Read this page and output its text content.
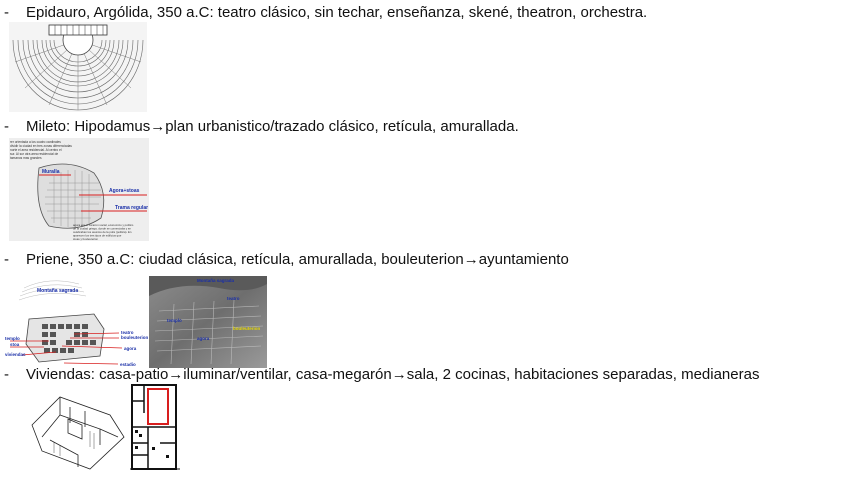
- Epidauro, Argólida, 350 a.C: teatro clásico, sin techar, enseñanza, skené, theatron, orchestra.
- Mileto: Hipodamus→plan urbanistico/trazado clásico, retícula, amurallada.
rer orientada a los cuatro cardinales
dividir la ciudad en tres zonas diferenciadas
norte el area residencial. Al centro el
sur. Al sur otra area residencial de
tamanos mas grandes
Muralla
Agora+stoas
Trama regular
agora era el corazon social, economico y politico
de la ciudad griega, donde se comerciaba y se
celebraban los asuntos de la polis (politica). En
aparecen los tres tipos de edificios que
stoas y bouleuterion
- Priene, 350 a.C: ciudad clásica, retícula, amurallada, bouleuterion→ayuntamiento
Montaña sagrada
teatro
bouleuterion
agora
templo
stoa
viviendas
estadio
Montaña sagrada
teatro
templo
bouleuterion
agora
- Viviendas: casa-patio→iluminar/ventilar, casa-megarón→sala, 2 cocinas, habitaciones separadas, medianeras
